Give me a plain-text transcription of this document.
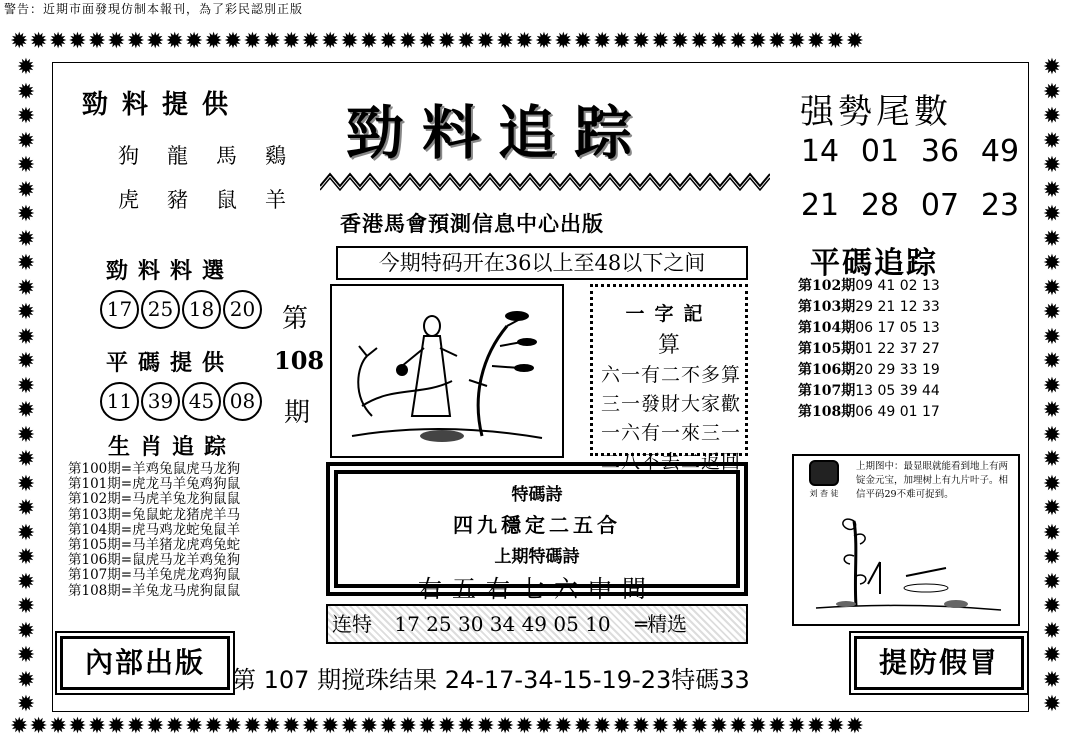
警告：近期市面發現仿制本報刊，為了彩民認別正版
✹✹✹✹✹✹✹✹✹✹✹✹✹✹✹✹✹✹✹✹✹✹✹✹✹✹✹✹✹✹✹✹✹✹✹✹✹✹✹✹✹✹✹✹
✹✹✹✹✹✹✹✹✹✹✹✹✹✹✹✹✹✹✹✹✹✹✹✹✹✹✹✹✹✹✹✹✹✹✹✹✹✹✹✹✹✹✹✹
✹
✹
✹
✹
✹
✹
✹
✹
✹
✹
✹
✹
✹
✹
✹
✹
✹
✹
✹
✹
✹
✹
✹
✹
✹
✹
✹
✹
✹
✹
✹
✹
✹
✹
✹
✹
✹
✹
✹
✹
✹
✹
✹
✹
✹
✹
✹
✹
✹
✹
✹
✹
✹
✹
勁料提供
狗龍馬鷄
虎豬鼠羊
勁料料選
17 25 18 20
平碼提供
11 39 45 08
生肖追踪
第100期=羊鸡兔鼠虎马龙狗
第101期=虎龙马羊兔鸡狗鼠
第102期=马虎羊兔龙狗鼠鼠
第103期=兔鼠蛇龙猪虎羊马
第104期=虎马鸡龙蛇兔鼠羊
第105期=马羊猪龙虎鸡兔蛇
第106期=鼠虎马龙羊鸡兔狗
第107期=马羊兔虎龙鸡狗鼠
第108期=羊兔龙马虎狗鼠鼠
第
108
期
勁料追踪
香港馬會預測信息中心出版
今期特码开在36以上至48以下之间
一字記
算
六一有二不多算
三一發財大家歡
一六有一來三一
二八不去二返回
特碼詩
四九穩定二五合
上期特碼詩
右五右七六中間
连特 17 25 30 34 49 05 10 ═精选
强勢尾數
14 01 36 49
21 28 07 23
平碼追踪
第102期09 41 02 13
第103期29 21 12 33
第104期06 17 05 13
第105期01 22 37 27
第106期20 29 33 19
第107期13 05 39 44
第108期06 49 01 17
刘 杳 徒
上期图中：最显眼就能看到地上有两锭金元宝，加埋树上有九片叶子。相信平码29不难可捉到。
內部出版
第 107 期搅珠结果 24-17-34-15-19-23特碼33
提防假冒
